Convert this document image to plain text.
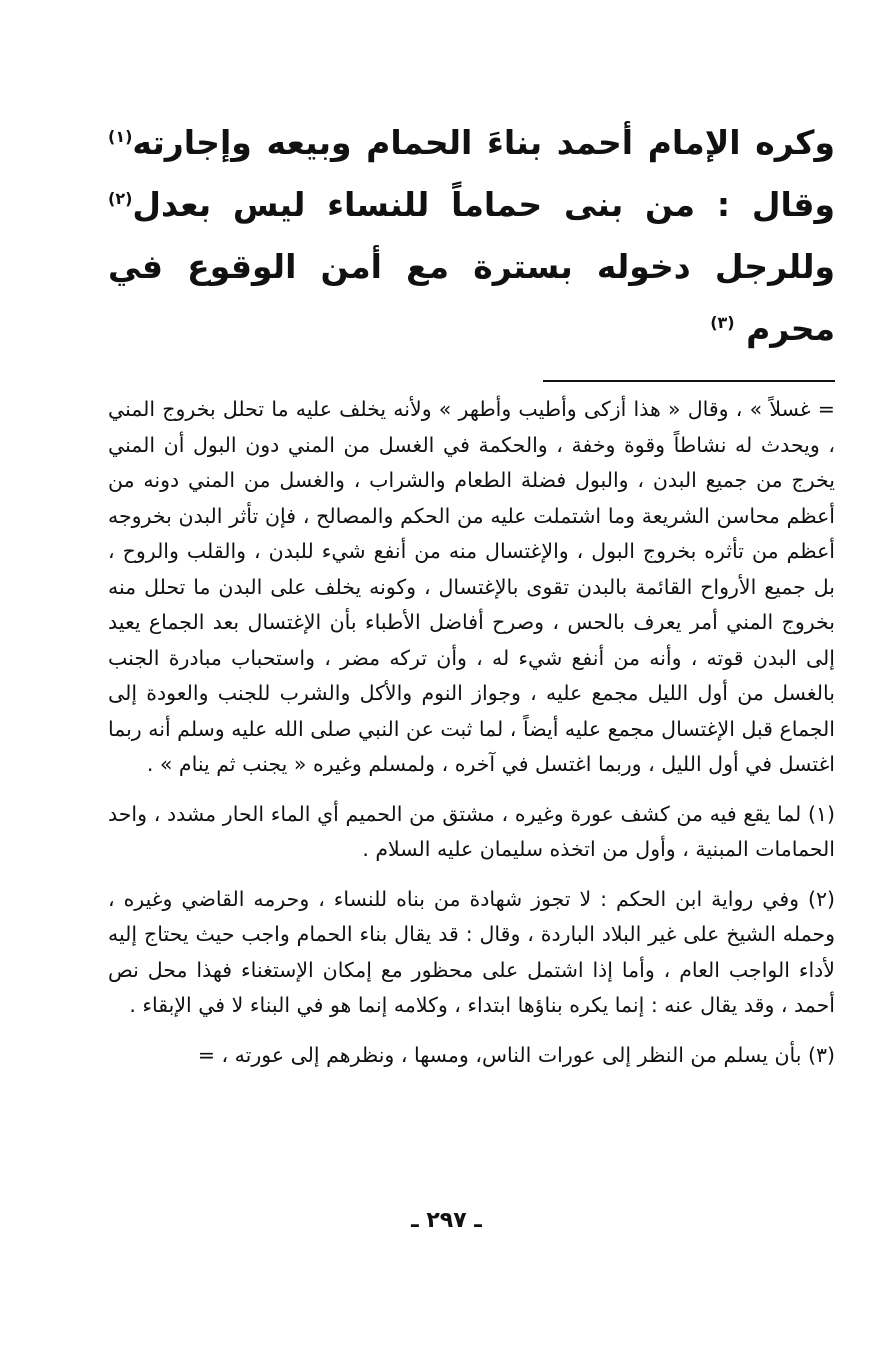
وكره الإمام أحمد بناءَ الحمام وبيعه وإجارته$^{(١)}$ وقال : من بنى حماماً للنساء ليس بعدل$^{(٢)}$ وللرجل دخوله بسترة مع أمن الوقوع في محرم $^{(٣)}$

= غسلاً » ، وقال « هذا أزكى وأطيب وأطهر » ولأنه يخلف عليه ما تحلل بخروج المني ، ويحدث له نشاطاً وقوة وخفة ، والحكمة في الغسل من المني دون البول أن المني يخرج من جميع البدن ، والبول فضلة الطعام والشراب ، والغسل من المني دونه من أعظم محاسن الشريعة وما اشتملت عليه من الحكم والمصالح ، فإن تأثر البدن بخروجه أعظم من تأثره بخروج البول ، والإغتسال منه من أنفع شيء للبدن ، والقلب والروح ، بل جميع الأرواح القائمة بالبدن تقوى بالإغتسال ، وكونه يخلف على البدن ما تحلل منه بخروج المني أمر يعرف بالحس ، وصرح أفاضل الأطباء بأن الإغتسال بعد الجماع يعيد إلى البدن قوته ، وأنه من أنفع شيء له ، وأن تركه مضر ، واستحباب مبادرة الجنب بالغسل من أول الليل مجمع عليه ، وجواز النوم والأكل والشرب للجنب والعودة إلى الجماع قبل الإغتسال مجمع عليه أيضاً ، لما ثبت عن النبي صلى الله عليه وسلم أنه ربما اغتسل في أول الليل ، وربما اغتسل في آخره ، ولمسلم وغيره « يجنب ثم ينام » .

(١) لما يقع فيه من كشف عورة وغيره ، مشتق من الحميم أي الماء الحار مشدد ، واحد الحمامات المبنية ، وأول من اتخذه سليمان عليه السلام .

(٢) وفي رواية ابن الحكم : لا تجوز شهادة من بناه للنساء ، وحرمه القاضي وغيره ، وحمله الشيخ على غير البلاد الباردة ، وقال : قد يقال بناء الحمام واجب حيث يحتاج إليه لأداء الواجب العام ، وأما إذا اشتمل على محظور مع إمكان الإستغناء فهذا محل نص أحمد ، وقد يقال عنه : إنما يكره بناؤها ابتداء ، وكلامه إنما هو في البناء لا في الإبقاء .

(٣) بأن يسلم من النظر إلى عورات الناس، ومسها ، ونظرهم إلى عورته ، =

ـ ٢٩٧ ـ
